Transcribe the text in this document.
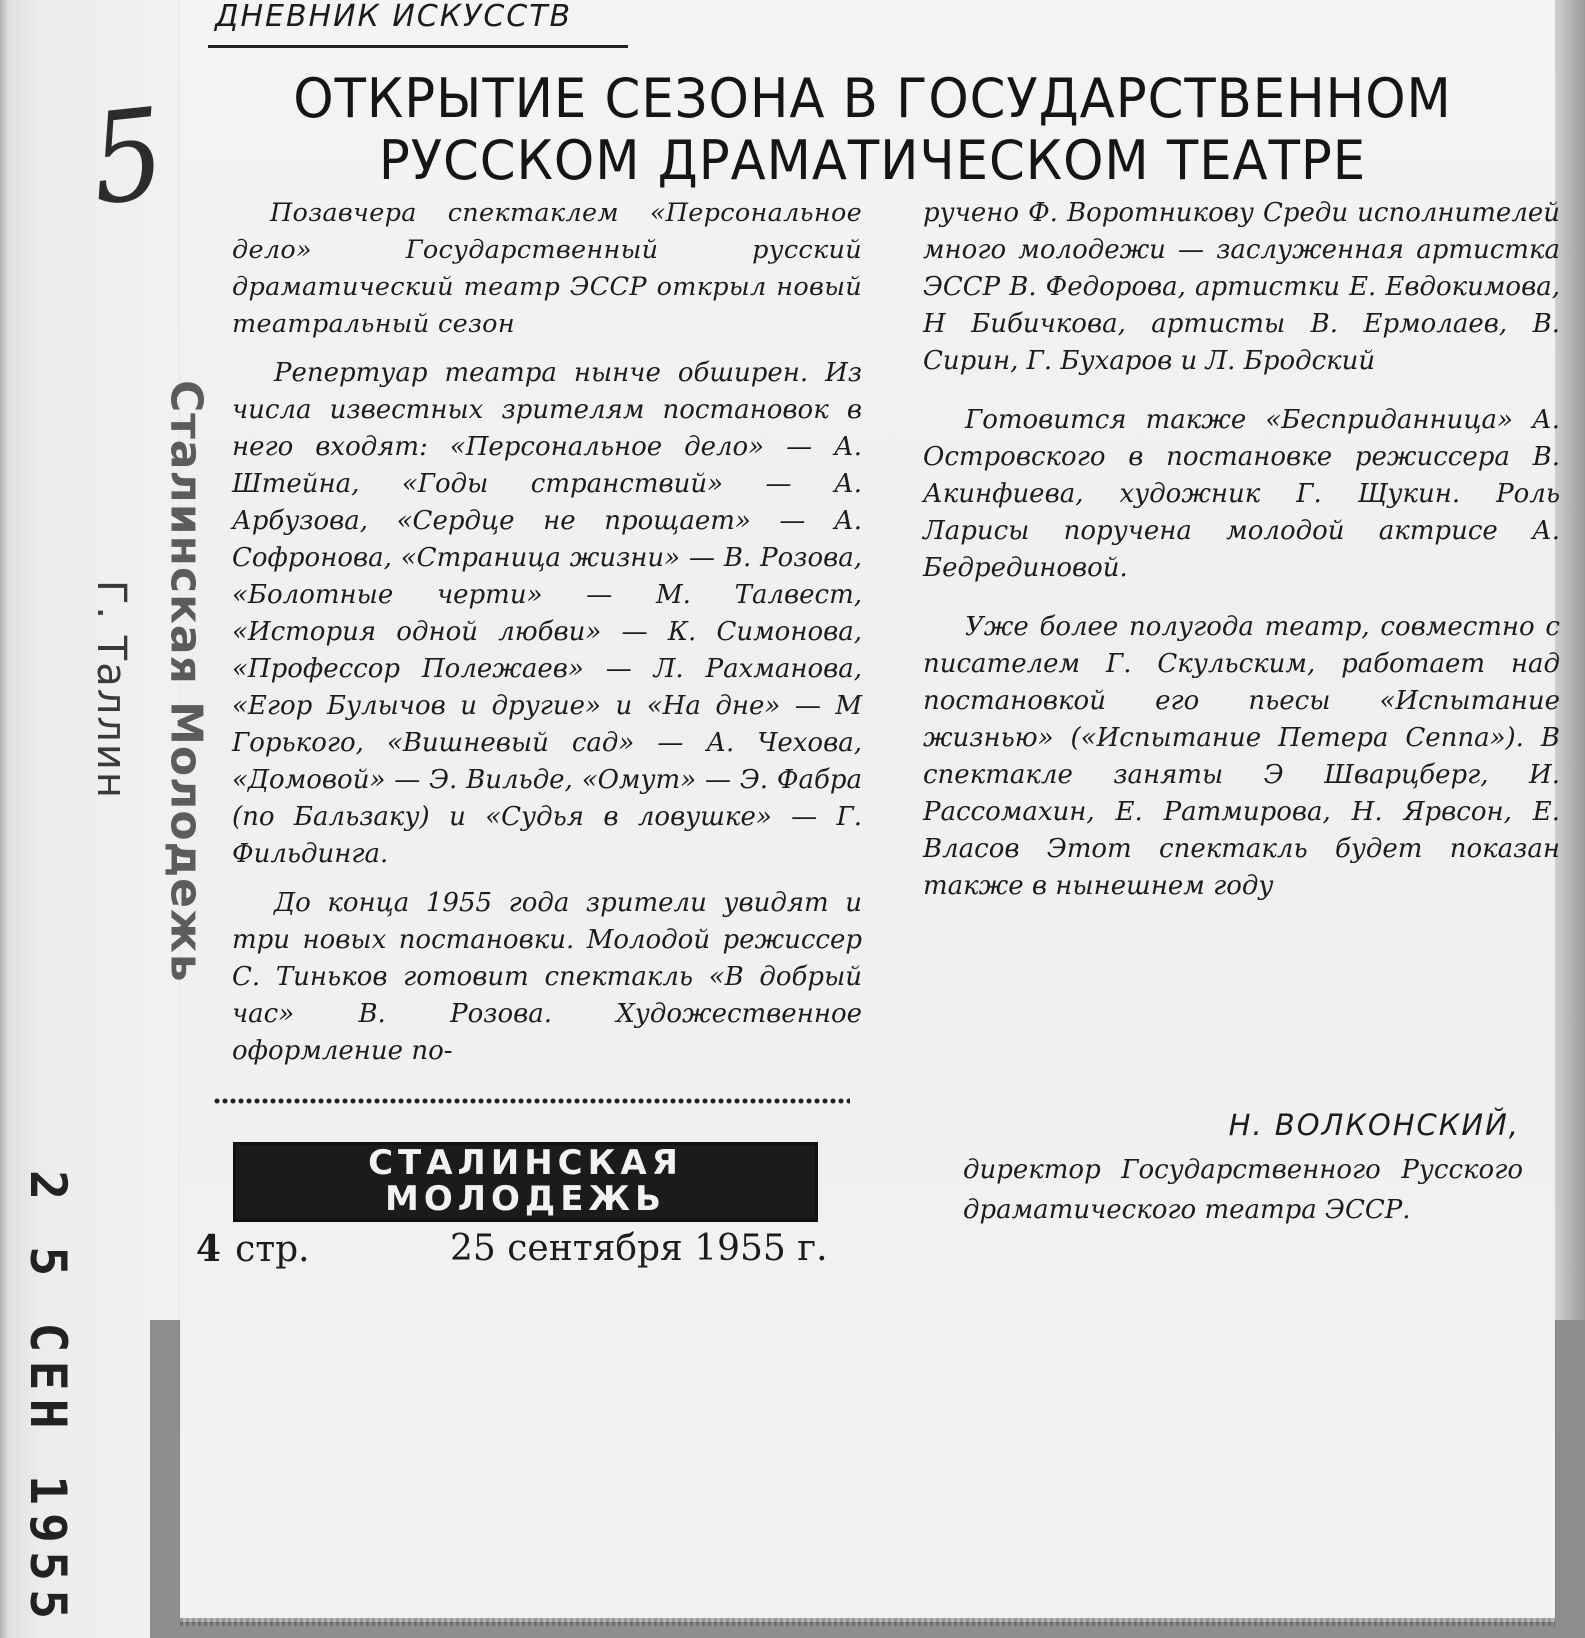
5
Г. Таллин
2 5 СЕН 1955
Сталинская Молодежь
ДНЕВНИК ИСКУССТВ
ОТКРЫТИЕ СЕЗОНА В ГОСУДАРСТВЕННОМ
РУССКОМ ДРАМАТИЧЕСКОМ ТЕАТРЕ

Позавчера спектаклем «Персональное дело» Государственный русский драматический театр ЭССР открыл новый театральный сезон

Репертуар театра нынче обширен. Из числа известных зрителям постановок в него входят: «Персональное дело» — А. Штейна, «Годы странствий» — А. Арбузова, «Сердце не прощает» — А. Софронова, «Страница жизни» — В. Розова, «Болотные черти» — М. Талвест, «История одной любви» — К. Симонова, «Профессор Полежаев» — Л. Рахманова, «Егор Булычов и другие» и «На дне» — М Горького, «Вишневый сад» — А. Чехова, «Домовой» — Э. Вильде, «Омут» — Э. Фабра (по Бальзаку) и «Судья в ловушке» — Г. Фильдинга.

До конца 1955 года зрители увидят и три новых постановки. Молодой режиссер С. Тиньков готовит спектакль «В добрый час» В. Розова. Художественное оформление по-

ручено Ф. Воротникову Среди исполнителей много молодежи — заслуженная артистка ЭССР В. Федорова, артистки Е. Евдокимова, Н Бибичкова, артисты В. Ермолаев, В. Сирин, Г. Бухаров и Л. Бродский

Готовится также «Бесприданница» А. Островского в постановке режиссера В. Акинфиева, художник Г. Щукин. Роль Ларисы поручена молодой актрисе А. Бедрединовой.

Уже более полугода театр, совместно с писателем Г. Скульским, работает над постановкой его пьесы «Испытание жизнью» («Испытание Петера Сеппа»). В спектакле заняты Э Шварцберг, И. Рассомахин, Е. Ратмирова, Н. Ярвсон, Е. Власов Этот спектакль будет показан также в нынешнем году

СТАЛИНСКАЯ
МОЛОДЕЖЬ
4 стр.	25 сентября 1955 г.
Н. ВОЛКОНСКИЙ,
директор Государственного Русского драматического театра ЭССР.
